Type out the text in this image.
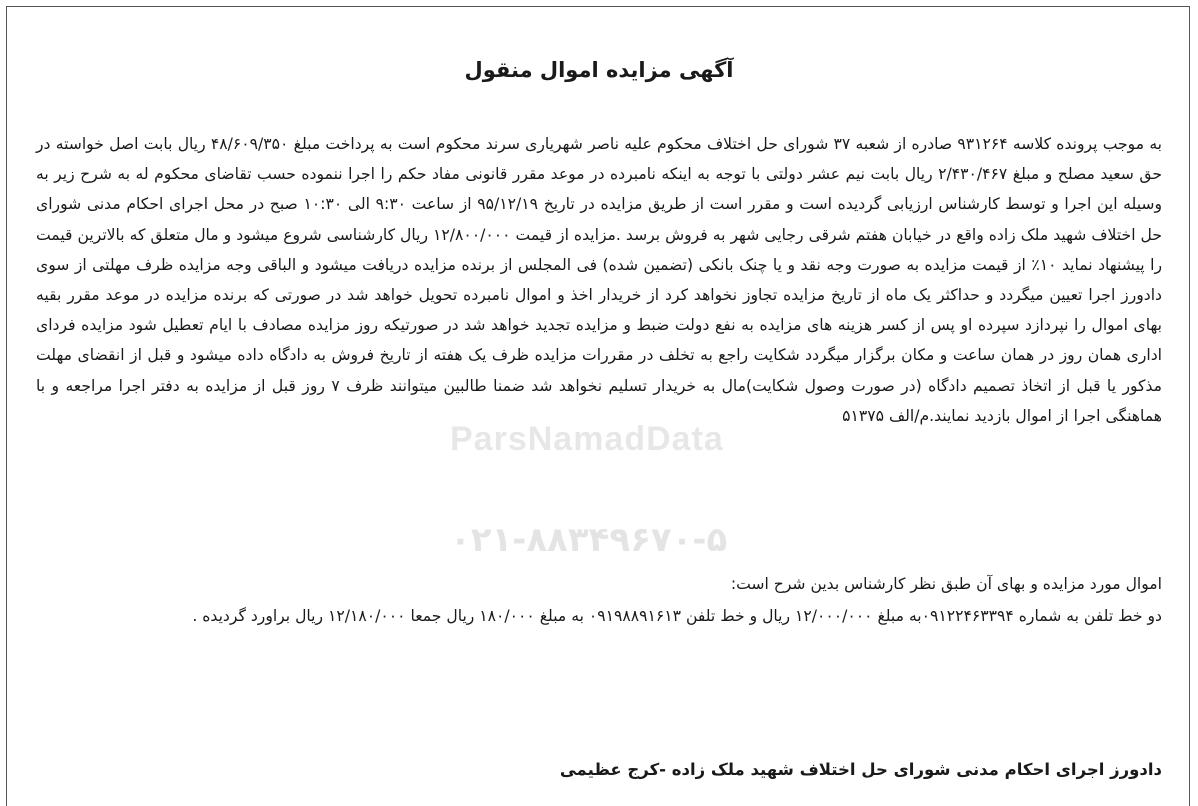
ParsNamadData
۰۲۱-۸۸۳۴۹۶۷۰-۵
آگهی مزایده اموال منقول

به موجب پرونده کلاسه ۹۳۱۲۶۴ صادره از شعبه ۳۷ شورای حل اختلاف محکوم علیه ناصر شهریاری سرند محکوم است به پرداخت مبلغ ۴۸/۶۰۹/۳۵۰ ریال بابت اصل خواسته در حق سعید مصلح و مبلغ ۲/۴۳۰/۴۶۷ ریال بابت نیم عشر دولتی با توجه به اینکه نامبرده در موعد مقرر قانونی مفاد حکم را اجرا ننموده حسب تقاضای محکوم له به شرح زیر به وسیله این اجرا و توسط کارشناس ارزیابی گردیده است و مقرر است از طریق مزایده در تاریخ ۹۵/۱۲/۱۹ از ساعت ۹:۳۰ الی ۱۰:۳۰ صبح در محل اجرای احکام مدنی شورای حل اختلاف شهید ملک زاده واقع در خیابان هفتم شرقی رجایی شهر به فروش برسد .مزایده از قیمت ۱۲/۸۰۰/۰۰۰ ریال کارشناسی شروع میشود و مال متعلق که بالاترین قیمت را پیشنهاد نماید ۱۰٪ از قیمت مزایده به صورت وجه نقد و یا چنک بانکی (تضمین شده) فی المجلس از برنده مزایده دریافت میشود و الباقی وجه مزایده ظرف مهلتی از سوی دادورز اجرا تعیین میگردد و حداکثر یک ماه از تاریخ مزایده تجاوز نخواهد کرد از خریدار اخذ و اموال نامبرده تحویل خواهد شد در صورتی که برنده مزایده در موعد مقرر بقیه بهای اموال را نپردازد سپرده او پس از کسر هزینه های مزایده به نفع دولت ضبط و مزایده تجدید خواهد شد در صورتیکه روز مزایده مصادف با ایام تعطیل شود مزایده فردای اداری همان روز در همان ساعت و مکان برگزار میگردد شکایت راجع به تخلف در مقررات مزایده ظرف یک هفته از تاریخ فروش به دادگاه داده میشود و قبل از انقضای مهلت مذکور یا قبل از اتخاذ تصمیم دادگاه (در صورت وصول شکایت)مال به خریدار تسلیم نخواهد شد ضمنا طالبین میتوانند ظرف ۷ روز قبل از مزایده به دفتر اجرا مراجعه و با هماهنگی اجرا از اموال بازدید نمایند.م/الف ۵۱۳۷۵

اموال مورد مزایده و بهای آن طبق نظر کارشناس بدین شرح است:

دو خط تلفن به شماره ۰۹۱۲۲۴۶۳۳۹۴به مبلغ ۱۲/۰۰۰/۰۰۰ ریال و خط تلفن ۰۹۱۹۸۸۹۱۶۱۳ به مبلغ ۱۸۰/۰۰۰ ریال جمعا ۱۲/۱۸۰/۰۰۰ ریال براورد گردیده .

دادورز اجرای احکام مدنی شورای حل اختلاف شهید ملک زاده -کرج عظیمی
